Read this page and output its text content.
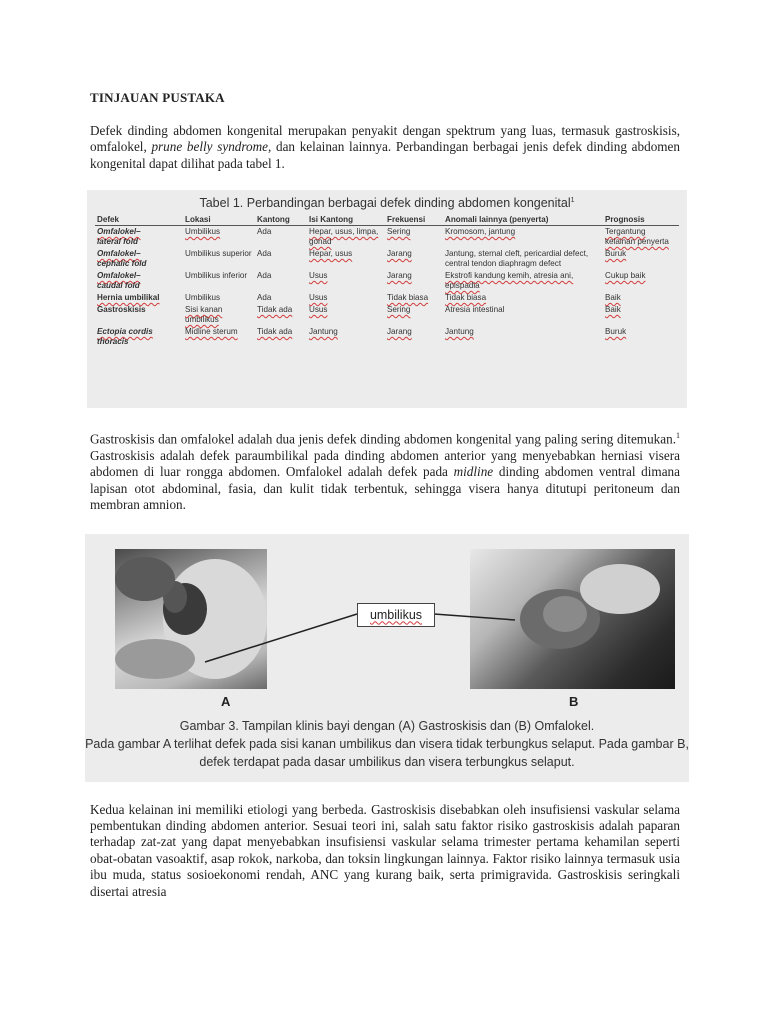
TINJAUAN PUSTAKA

Defek dinding abdomen kongenital merupakan penyakit dengan spektrum yang luas, termasuk gastroskisis, omfalokel, prune belly syndrome, dan kelainan lainnya. Perbandingan berbagai jenis defek dinding abdomen kongenital dapat dilihat pada tabel 1.

Tabel 1. Perbandingan berbagai defek dinding abdomen kongenital$^1$
Defek	Lokasi	Kantong	Isi Kantong	Frekuensi	Anomali lainnya (penyerta)	Prognosis
Omfalokel–
lateral fold	Umbilikus	Ada	Hepar, usus, limpa, gonad	Sering	Kromosom, jantung	Tergantung kelainan penyerta
Omfalokel–
cephalic fold	Umbilikus superior	Ada	Hepar, usus	Jarang	Jantung, sternal cleft, pericardial defect, central tendon diaphragm defect	Buruk
Omfalokel–
caudal fold	Umbilikus inferior	Ada	Usus	Jarang	Ekstrofi kandung kemih, atresia ani, epispadia	Cukup baik
Hernia umbilikal	Umbilikus	Ada	Usus	Tidak biasa	Tidak biasa	Baik
Gastroskisis	Sisi kanan umbilikus	Tidak ada	Usus	Sering	Atresia intestinal	Baik
Ectopia cordis
thoracis	Midline sterum	Tidak ada	Jantung	Jarang	Jantung	Buruk

Gastroskisis dan omfalokel adalah dua jenis defek dinding abdomen kongenital yang paling sering ditemukan.$^1$ Gastroskisis adalah defek paraumbilikal pada dinding abdomen anterior yang menyebabkan herniasi visera abdomen di luar rongga abdomen. Omfalokel adalah defek pada midline dinding abdomen ventral dimana lapisan otot abdominal, fasia, dan kulit tidak terbentuk, sehingga visera hanya ditutupi peritoneum dan membran amnion.

umbilikus
A	B
Gambar 3. Tampilan klinis bayi dengan (A) Gastroskisis dan (B) Omfalokel.
Pada gambar A terlihat defek pada sisi kanan umbilikus dan visera tidak terbungkus selaput. Pada gambar B,
defek terdapat pada dasar umbilikus dan visera terbungkus selaput.

Kedua kelainan ini memiliki etiologi yang berbeda. Gastroskisis disebabkan oleh insufisiensi vaskular selama pembentukan dinding abdomen anterior. Sesuai teori ini, salah satu faktor risiko gastroskisis adalah paparan terhadap zat-zat yang dapat menyebabkan insufisiensi vaskular selama trimester pertama kehamilan seperti obat-obatan vasoaktif, asap rokok, narkoba, dan toksin lingkungan lainnya. Faktor risiko lainnya termasuk usia ibu muda, status sosioekonomi rendah, ANC yang kurang baik, serta primigravida. Gastroskisis seringkali disertai atresia
